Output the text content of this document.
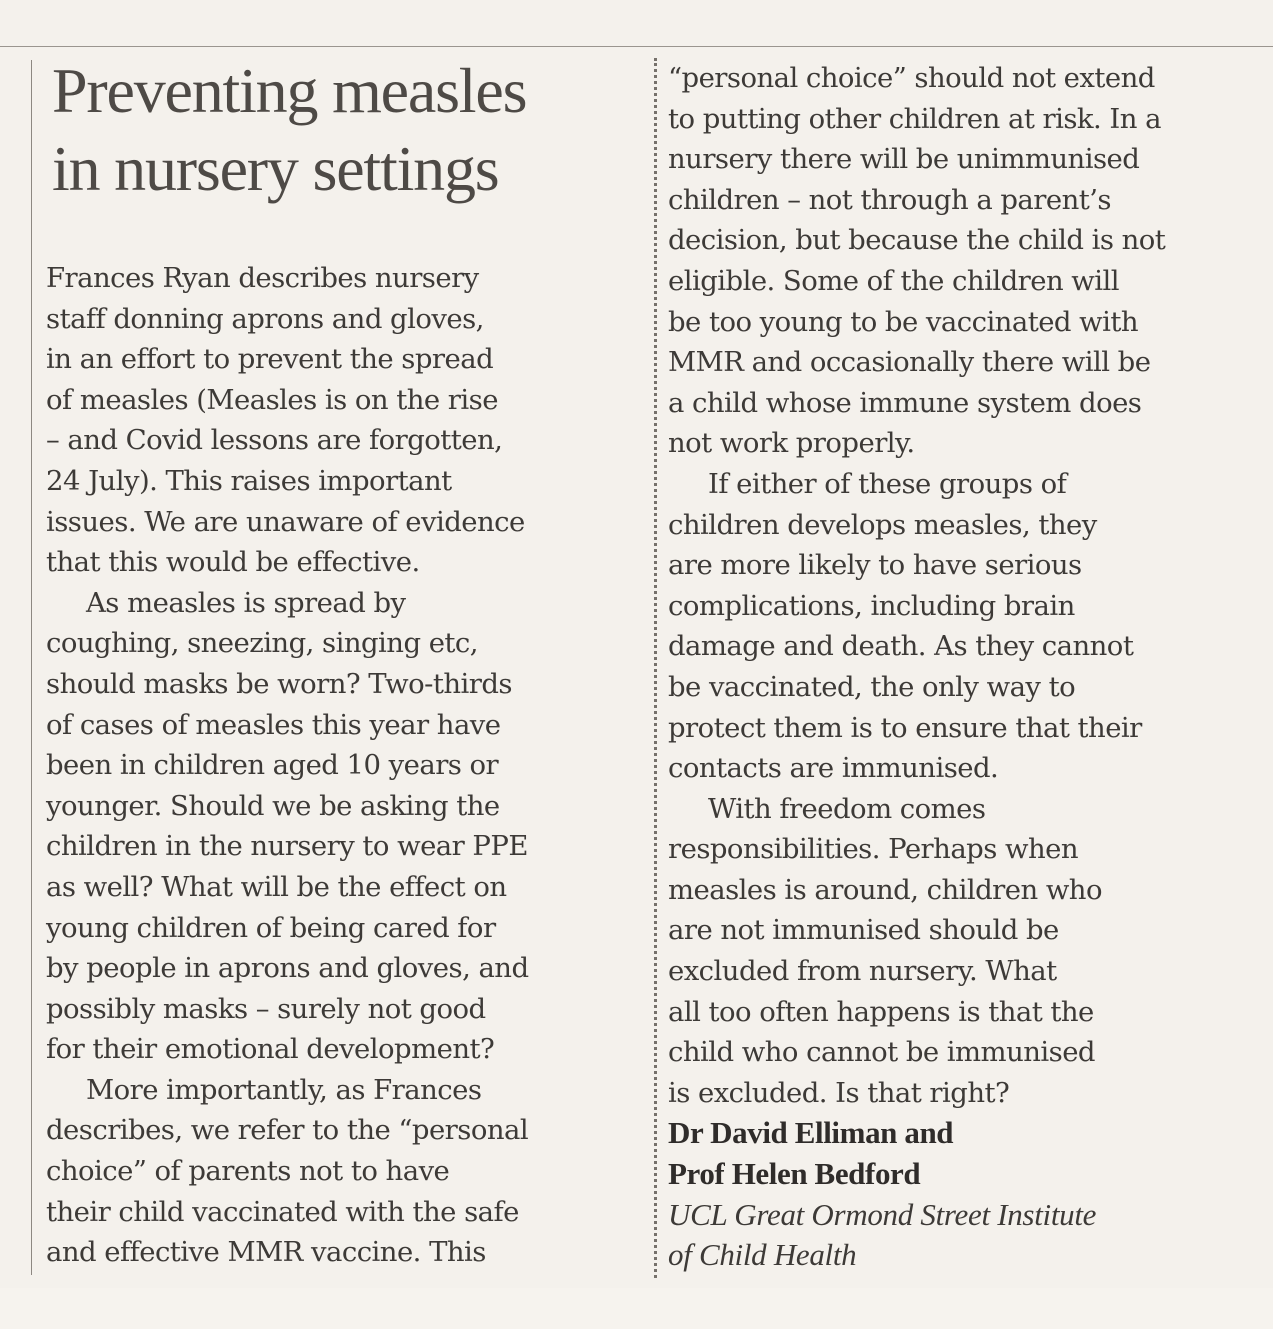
Preventing measles
in nursery settings
Frances Ryan describes nursery
staff donning aprons and gloves,
in an effort to prevent the spread
of measles (Measles is on the rise
– and Covid lessons are forgotten,
24 July). This raises important
issues. We are unaware of evidence
that this would be effective.
As measles is spread by
coughing, sneezing, singing etc,
should masks be worn? Two-thirds
of cases of measles this year have
been in children aged 10 years or
younger. Should we be asking the
children in the nursery to wear PPE
as well? What will be the effect on
young children of being cared for
by people in aprons and gloves, and
possibly masks – surely not good
for their emotional development?
More importantly, as Frances
describes, we refer to the “personal
choice” of parents not to have
their child vaccinated with the safe
and effective MMR vaccine. This
“personal choice” should not extend
to putting other children at risk. In a
nursery there will be unimmunised
children – not through a parent’s
decision, but because the child is not
eligible. Some of the children will
be too young to be vaccinated with
MMR and occasionally there will be
a child whose immune system does
not work properly.
If either of these groups of
children develops measles, they
are more likely to have serious
complications, including brain
damage and death. As they cannot
be vaccinated, the only way to
protect them is to ensure that their
contacts are immunised.
With freedom comes
responsibilities. Perhaps when
measles is around, children who
are not immunised should be
excluded from nursery. What
all too often happens is that the
child who cannot be immunised
is excluded. Is that right?
Dr David Elliman and
Prof Helen Bedford
UCL Great Ormond Street Institute
of Child Health
